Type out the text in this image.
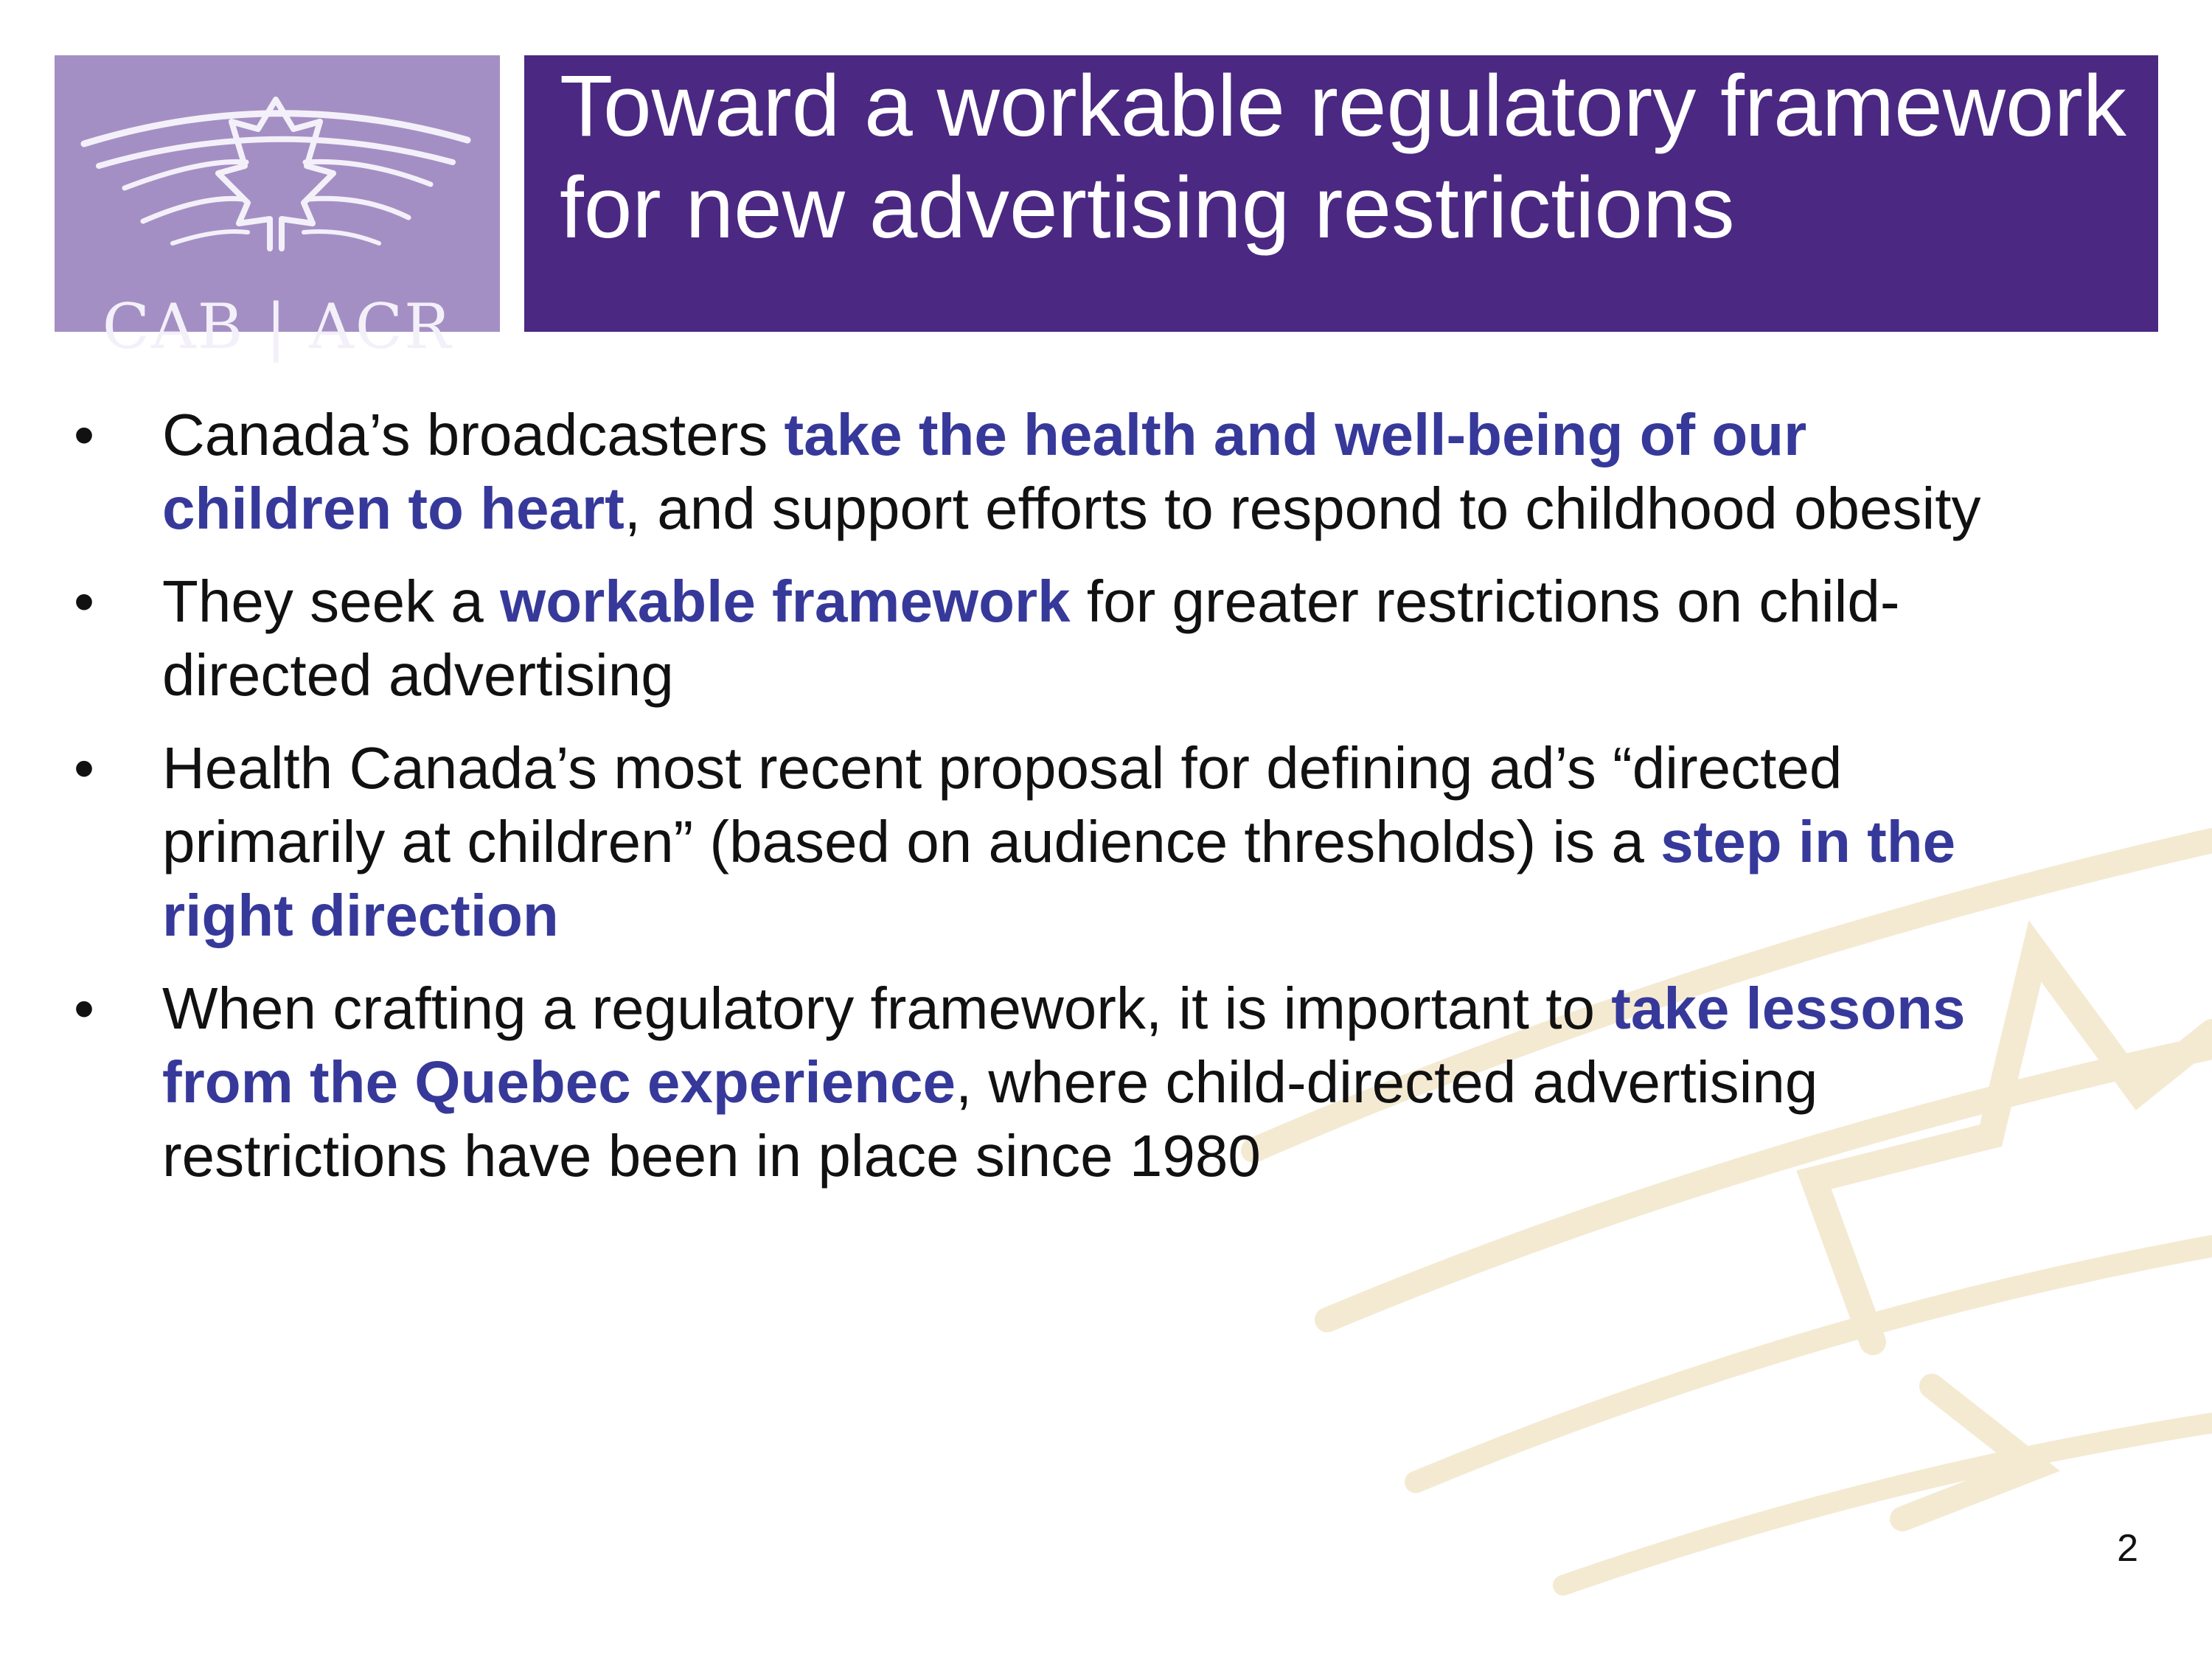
CAB | ACR
Toward a workable regulatory framework for new advertising restrictions
• Canada’s broadcasters take the health and well-being of our children to heart, and support efforts to respond to childhood obesity
• They seek a workable framework for greater restrictions on child-directed advertising
• Health Canada’s most recent proposal for defining ad’s “directed primarily at children” (based on audience thresholds) is a step in the right direction
• When crafting a regulatory framework, it is important to take lessons from the Quebec experience, where child-directed advertising restrictions have been in place since 1980
2
